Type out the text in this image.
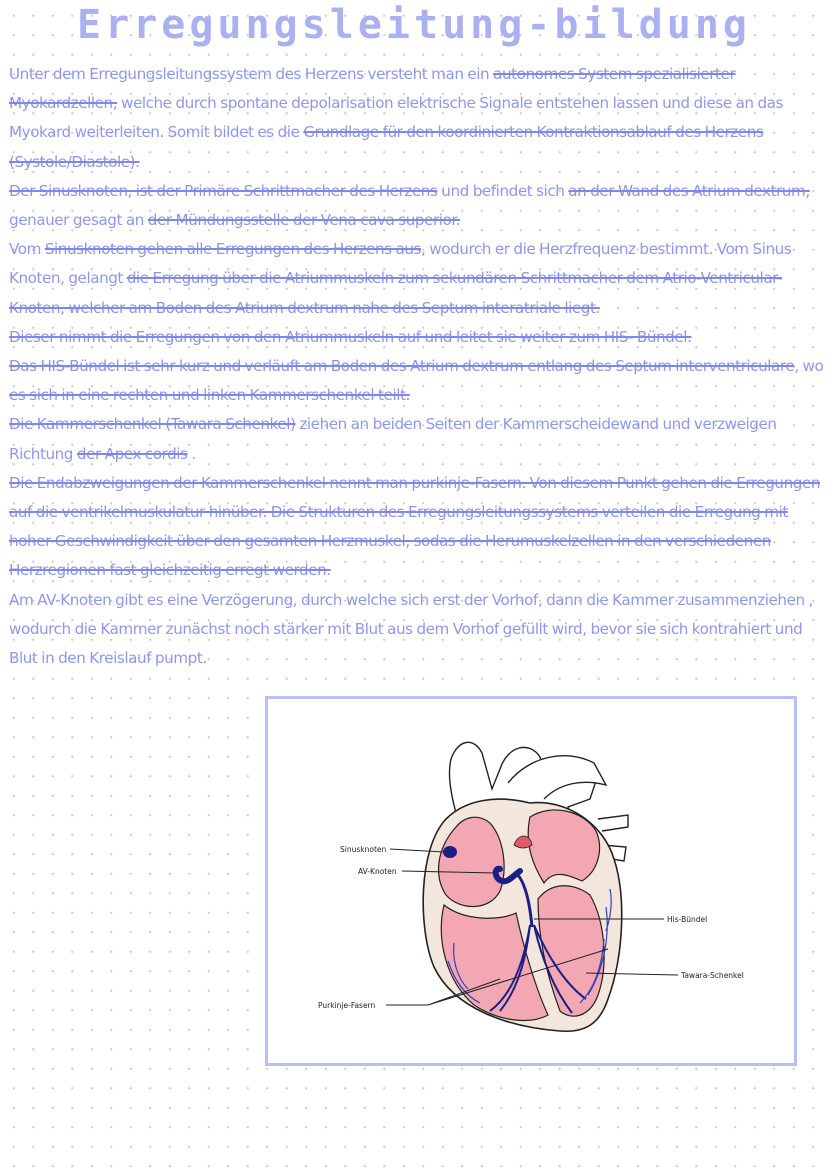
Erregungsleitung-bildung
Unter dem Erregungsleitungssystem des Herzens versteht man ein autonomes System spezialisierter Myokardzellen, welche durch spontane depolarisation elektrische Signale entstehen lassen und diese an das Myokard weiterleiten. Somit bildet es die Grundlage für den koordinierten Kontraktionsablauf des Herzens (Systole/Diastole).
Der Sinusknoten, ist der Primäre Schrittmacher des Herzens und befindet sich an der Wand des Atrium dextrum, genauer gesagt an der Mündungsstelle der Vena cava superior.
Vom Sinusknoten gehen alle Erregungen des Herzens aus, wodurch er die Herzfrequenz bestimmt. Vom Sinus Knoten, gelangt die Erregung über die Atriummuskeln zum sekundären Schrittmacher dem Atrio-Ventricular-Knoten, welcher am Boden des Atrium dextrum nahe des Septum interatriale liegt.
Dieser nimmt die Erregungen von den Atriummuskeln auf und leitet sie weiter zum HIS- Bündel.
Das HIS-Bündel ist sehr kurz und verläuft am Boden des Atrium dextrum entlang des Septum interventriculare, wo es sich in eine rechten und linken Kammerschenkel teilt.
Die Kammerschenkel (Tawara Schenkel) ziehen an beiden Seiten der Kammerscheidewand und verzweigen Richtung der Apex cordis .
Die Endabzweigungen der Kammerschenkel nennt man purkinje-Fasern. Von diesem Punkt gehen die Erregungen auf die ventrikelmuskulatur hinüber. Die Strukturen des Erregungsleitungssystems verteilen die Erregung mit hoher Geschwindigkeit über den gesamten Herzmuskel, sodas die Herumuskelzellen in den verschiedenen Herzregionen fast gleichzeitig erregt werden.
Am AV-Knoten gibt es eine Verzögerung, durch welche sich erst der Vorhof, dann die Kammer zusammenziehen , wodurch die Kammer zunächst noch stärker mit Blut aus dem Vorhof gefüllt wird, bevor sie sich kontrahiert und Blut in den Kreislauf pumpt.
Sinusknoten
AV-Knoten
His-Bündel
Tawara-Schenkel
Purkinje-Fasern
